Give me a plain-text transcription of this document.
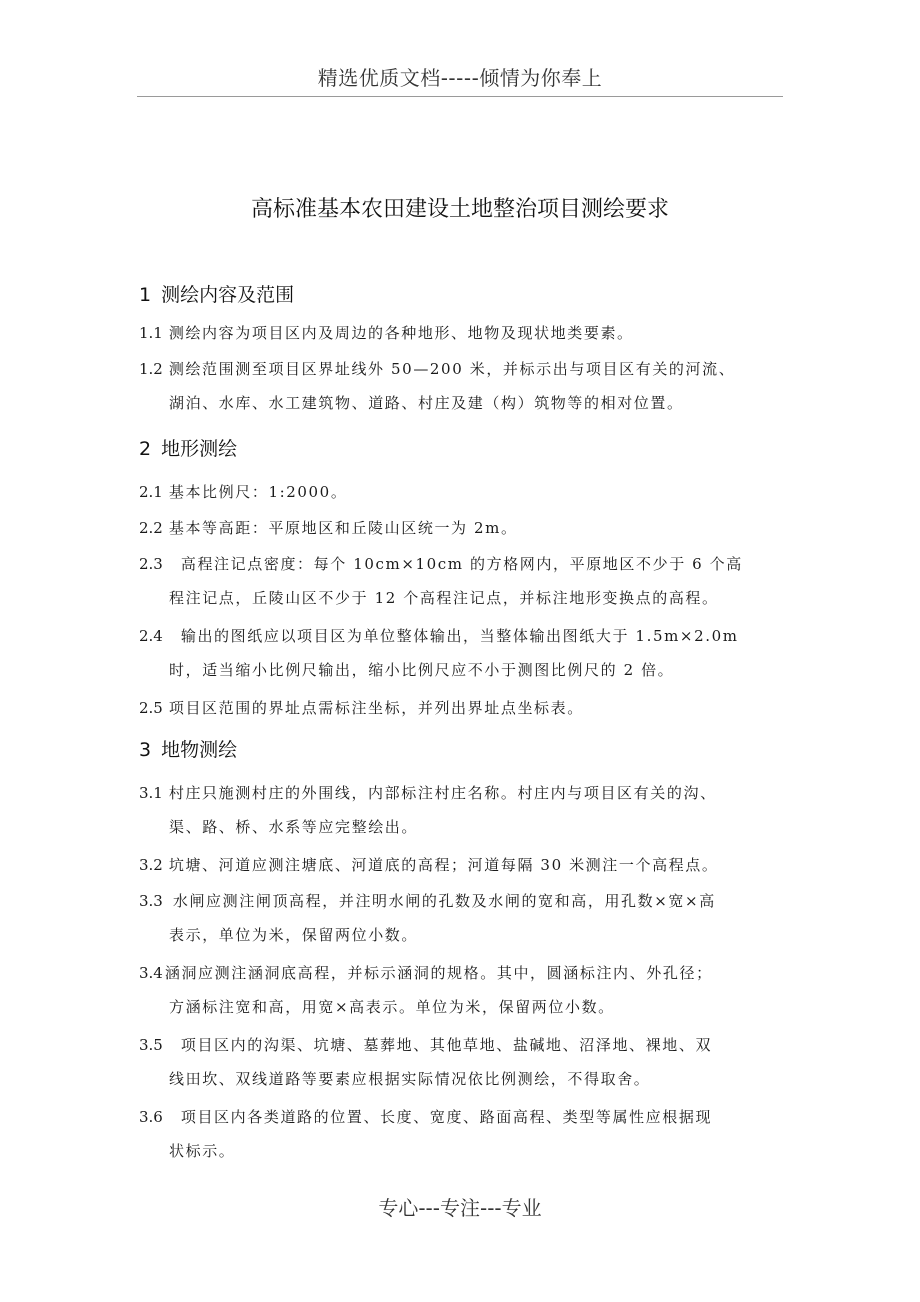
精选优质文档-----倾情为你奉上
高标准基本农田建设土地整治项目测绘要求
1 测绘内容及范围
1.1 测绘内容为项目区内及周边的各种地形、地物及现状地类要素。
1.2 测绘范围测至项目区界址线外 50—200 米，并标示出与项目区有关的河流、
湖泊、水库、水工建筑物、道路、村庄及建（构）筑物等的相对位置。
2 地形测绘
2.1 基本比例尺：1:2000。
2.2 基本等高距：平原地区和丘陵山区统一为 2m。
2.3 高程注记点密度：每个 10cm×10cm 的方格网内，平原地区不少于 6 个高
程注记点，丘陵山区不少于 12 个高程注记点，并标注地形变换点的高程。
2.4 输出的图纸应以项目区为单位整体输出，当整体输出图纸大于 1.5m×2.0m
时，适当缩小比例尺输出，缩小比例尺应不小于测图比例尺的 2 倍。
2.5 项目区范围的界址点需标注坐标，并列出界址点坐标表。
3 地物测绘
3.1 村庄只施测村庄的外围线，内部标注村庄名称。村庄内与项目区有关的沟、
渠、路、桥、水系等应完整绘出。
3.2 坑塘、河道应测注塘底、河道底的高程；河道每隔 30 米测注一个高程点。
3.3 水闸应测注闸顶高程，并注明水闸的孔数及水闸的宽和高，用孔数×宽×高
表示，单位为米，保留两位小数。
3.4 涵洞应测注涵洞底高程，并标示涵洞的规格。其中，圆涵标注内、外孔径；
方涵标注宽和高，用宽×高表示。单位为米，保留两位小数。
3.5 项目区内的沟渠、坑塘、墓葬地、其他草地、盐碱地、沼泽地、裸地、双
线田坎、双线道路等要素应根据实际情况依比例测绘，不得取舍。
3.6 项目区内各类道路的位置、长度、宽度、路面高程、类型等属性应根据现
状标示。
专心---专注---专业
